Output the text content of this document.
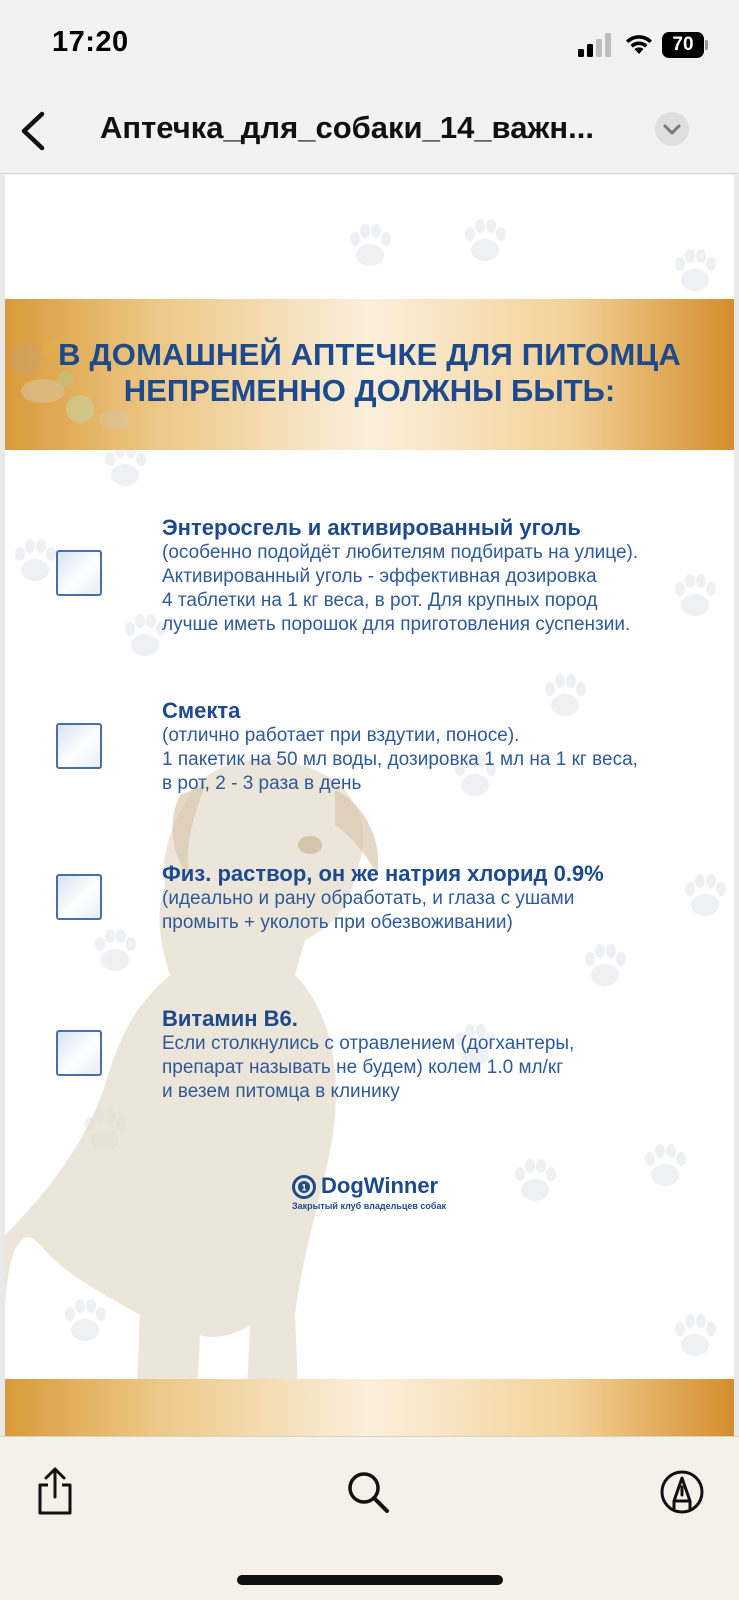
17:20	70
Аптечка_для_собаки_14_важн...
В ДОМАШНЕЙ АПТЕЧКЕ ДЛЯ ПИТОМЦА
НЕПРЕМЕННО ДОЛЖНЫ БЫТЬ:
Энтеросгель и активированный уголь
(особенно подойдёт любителям подбирать на улице).
Активированный уголь - эффективная дозировка
4 таблетки на 1 кг веса, в рот. Для крупных пород
лучше иметь порошок для приготовления суспензии.
Смекта
(отлично работает при вздутии, поносе).
1 пакетик на 50 мл воды, дозировка 1 мл на 1 кг веса,
в рот, 2 - 3 раза в день
Физ. раствор, он же натрия хлорид 0.9%
(идеально и рану обработать, и глаза с ушами
промыть + уколоть при обезвоживании)
Витамин В6.
Если столкнулись с отравлением (догхантеры,
препарат называть не будем) колем 1.0 мл/кг
и везем питомца в клинику
1 DogWinner
Закрытый клуб владельцев собак
